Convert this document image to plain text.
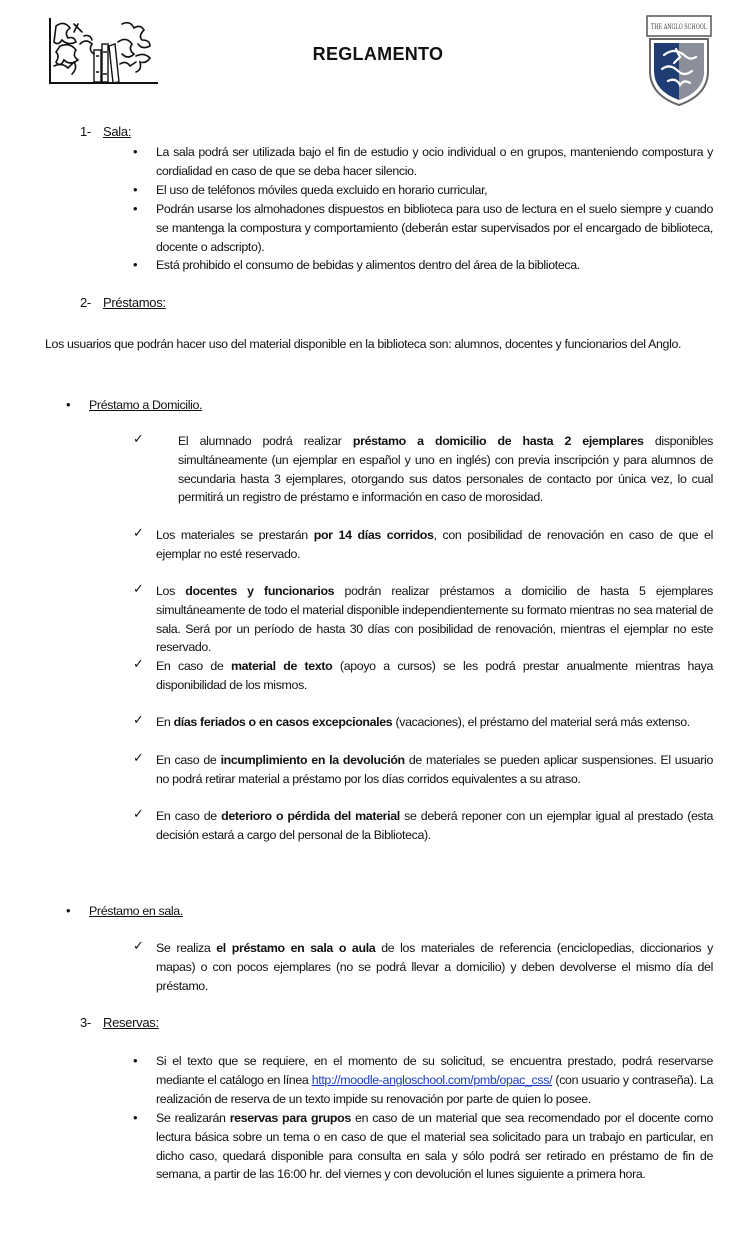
REGLAMENTO
THE ANGLO SCHOOL
1- Sala:
• La sala podrá ser utilizada bajo el fin de estudio y ocio individual o en grupos, manteniendo compostura y cordialidad en caso de que se deba hacer silencio.
• El uso de teléfonos móviles queda excluido en horario curricular,
• Podrán usarse los almohadones dispuestos en biblioteca para uso de lectura en el suelo siempre y cuando se mantenga la compostura y comportamiento (deberán estar supervisados por el encargado de biblioteca, docente o adscripto).
• Está prohibido el consumo de bebidas y alimentos dentro del área de la biblioteca.
2- Préstamos:
Los usuarios que podrán hacer uso del material disponible en la biblioteca son: alumnos, docentes y funcionarios del Anglo.
• Préstamo a Domicilio.
✓	El alumnado podrá realizar préstamo a domicilio de hasta 2 ejemplares disponibles simultáneamente (un ejemplar en español y uno en inglés) con previa inscripción y para alumnos de secundaria hasta 3 ejemplares, otorgando sus datos personales de contacto por única vez, lo cual permitirá un registro de préstamo e información en caso de morosidad.
✓ Los materiales se prestarán por 14 días corridos, con posibilidad de renovación en caso de que el ejemplar no esté reservado.
✓ Los docentes y funcionarios podrán realizar préstamos a domicilio de hasta 5 ejemplares simultáneamente de todo el material disponible independientemente su formato mientras no sea material de sala. Será por un período de hasta 30 días con posibilidad de renovación, mientras el ejemplar no este reservado.
✓ En caso de material de texto (apoyo a cursos) se les podrá prestar anualmente mientras haya disponibilidad de los mismos.
✓ En días feriados o en casos excepcionales (vacaciones), el préstamo del material será más extenso.
✓ En caso de incumplimiento en la devolución de materiales se pueden aplicar suspensiones. El usuario no podrá retirar material a préstamo por los días corridos equivalentes a su atraso.
✓ En caso de deterioro o pérdida del material se deberá reponer con un ejemplar igual al prestado (esta decisión estará a cargo del personal de la Biblioteca).
• Préstamo en sala.
✓ Se realiza el préstamo en sala o aula de los materiales de referencia (enciclopedias, diccionarios y mapas) o con pocos ejemplares (no se podrá llevar a domicilio) y deben devolverse el mismo día del préstamo.
3- Reservas:
• Si el texto que se requiere, en el momento de su solicitud, se encuentra prestado, podrá reservarse mediante el catálogo en línea http://moodle-angloschool.com/pmb/opac_css/ (con usuario y contraseña). La realización de reserva de un texto impide su renovación por parte de quien lo posee.
• Se realizarán reservas para grupos en caso de un material que sea recomendado por el docente como lectura básica sobre un tema o en caso de que el material sea solicitado para un trabajo en particular, en dicho caso, quedará disponible para consulta en sala y sólo podrá ser retirado en préstamo de fin de semana, a partir de las 16:00 hr. del viernes y con devolución el lunes siguiente a primera hora.
